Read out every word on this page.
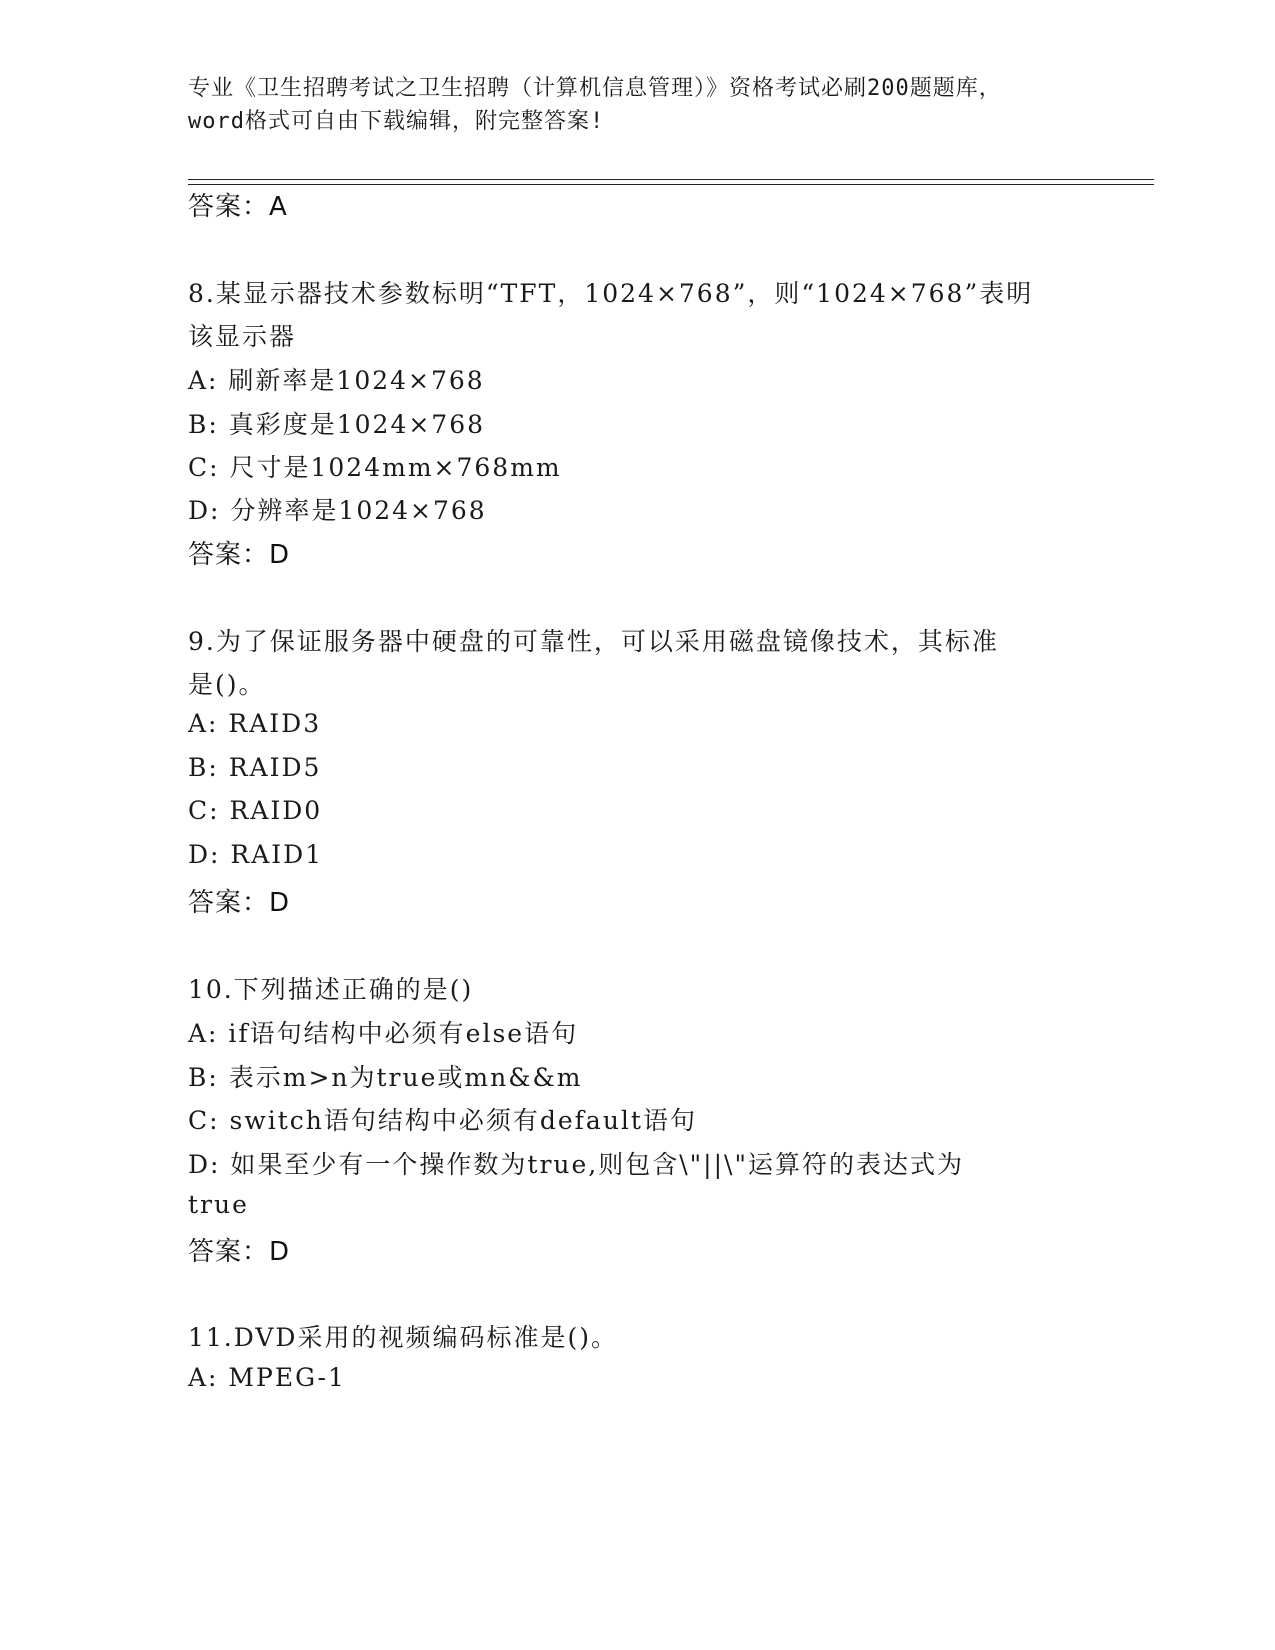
专业《卫生招聘考试之卫生招聘（计算机信息管理）》资格考试必刷200题题库，
word格式可自由下载编辑，附完整答案!
答案：A
8.某显示器技术参数标明“TFT，1024×768”，则“1024×768”表明
该显示器
A: 刷新率是1024×768
B: 真彩度是1024×768
C: 尺寸是1024mm×768mm
D: 分辨率是1024×768
答案：D
9.为了保证服务器中硬盘的可靠性，可以采用磁盘镜像技术，其标准
是()。
A: RAID3
B: RAID5
C: RAID0
D: RAID1
答案：D
10.下列描述正确的是()
A: if语句结构中必须有else语句
B: 表示m>n为true或mn&&m
C: switch语句结构中必须有default语句
D: 如果至少有一个操作数为true,则包含\"||\"运算符的表达式为
true
答案：D
11.DVD采用的视频编码标准是()。
A: MPEG-1
